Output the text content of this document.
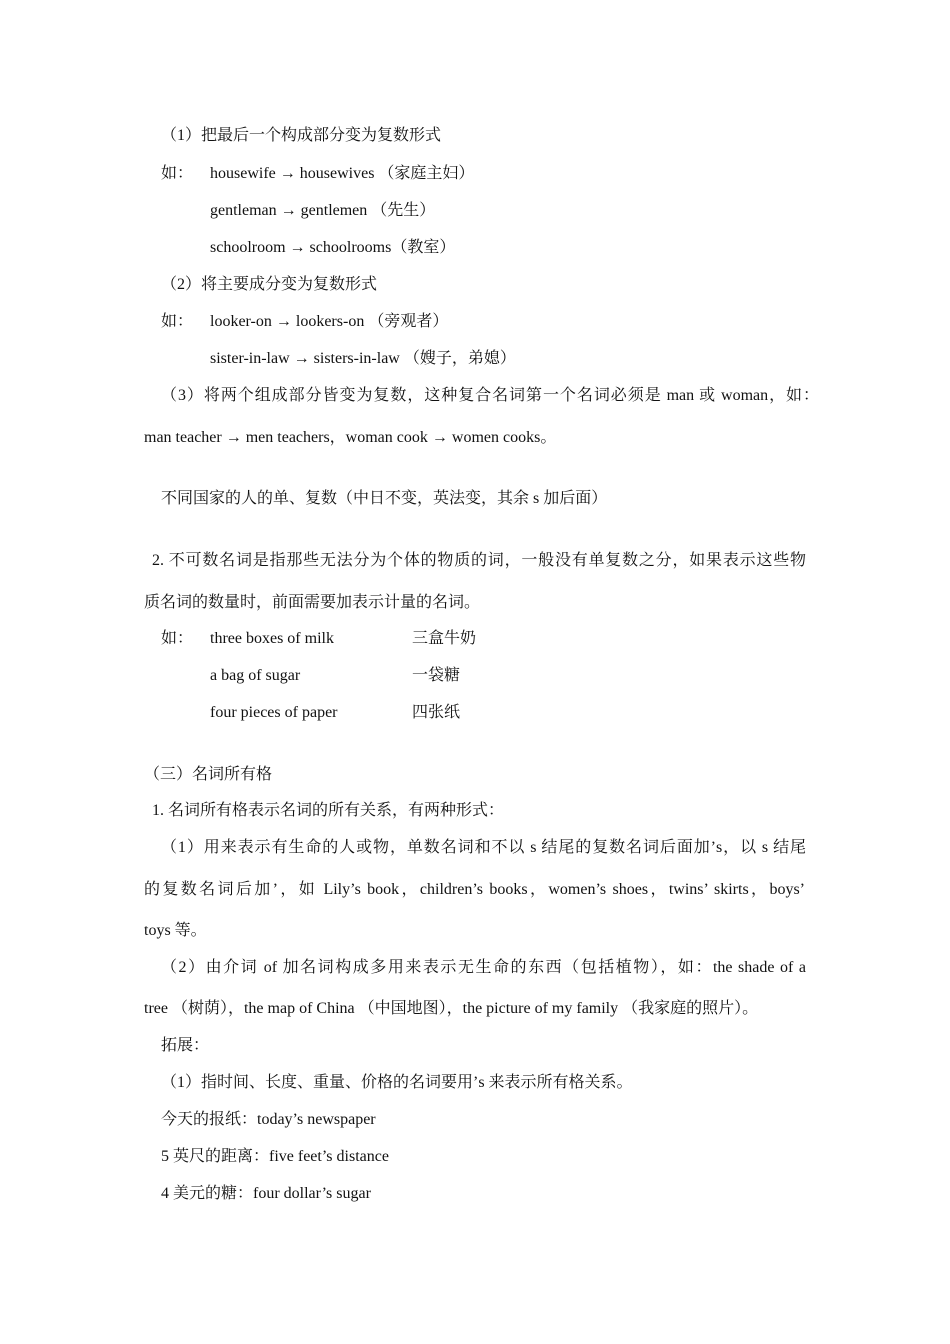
（1）把最后一个构成部分变为复数形式

如： housewife → housewives （家庭主妇）

gentleman → gentlemen （先生）

schoolroom → schoolrooms（教室）

（2）将主要成分变为复数形式

如： looker-on → lookers-on （旁观者）

sister-in-law → sisters-in-law （嫂子，弟媳）

（3）将两个组成部分皆变为复数，这种复合名词第一个名词必须是 man 或 woman，如：

man teacher → men teachers，woman cook → women cooks。

不同国家的人的单、复数（中日不变，英法变，其余 s 加后面）

2. 不可数名词是指那些无法分为个体的物质的词，一般没有单复数之分，如果表示这些物

质名词的数量时，前面需要加表示计量的名词。

如： three boxes of milk	三盒牛奶

a bag of sugar	一袋糖

four pieces of paper	四张纸

（三）名词所有格

1. 名词所有格表示名词的所有关系，有两种形式：

（1）用来表示有生命的人或物，单数名词和不以 s 结尾的复数名词后面加’s，以 s 结尾

的复数名词后加’，如 Lily’s book，children’s books，women’s shoes，twins’ skirts，boys’

toys 等。

（2）由介词 of 加名词构成多用来表示无生命的东西（包括植物），如：the shade of a

tree （树荫），the map of China （中国地图），the picture of my family （我家庭的照片）。

拓展：

（1）指时间、长度、重量、价格的名词要用’s 来表示所有格关系。

今天的报纸：today’s newspaper

5 英尺的距离：five feet’s distance

4 美元的糖：four dollar’s sugar
